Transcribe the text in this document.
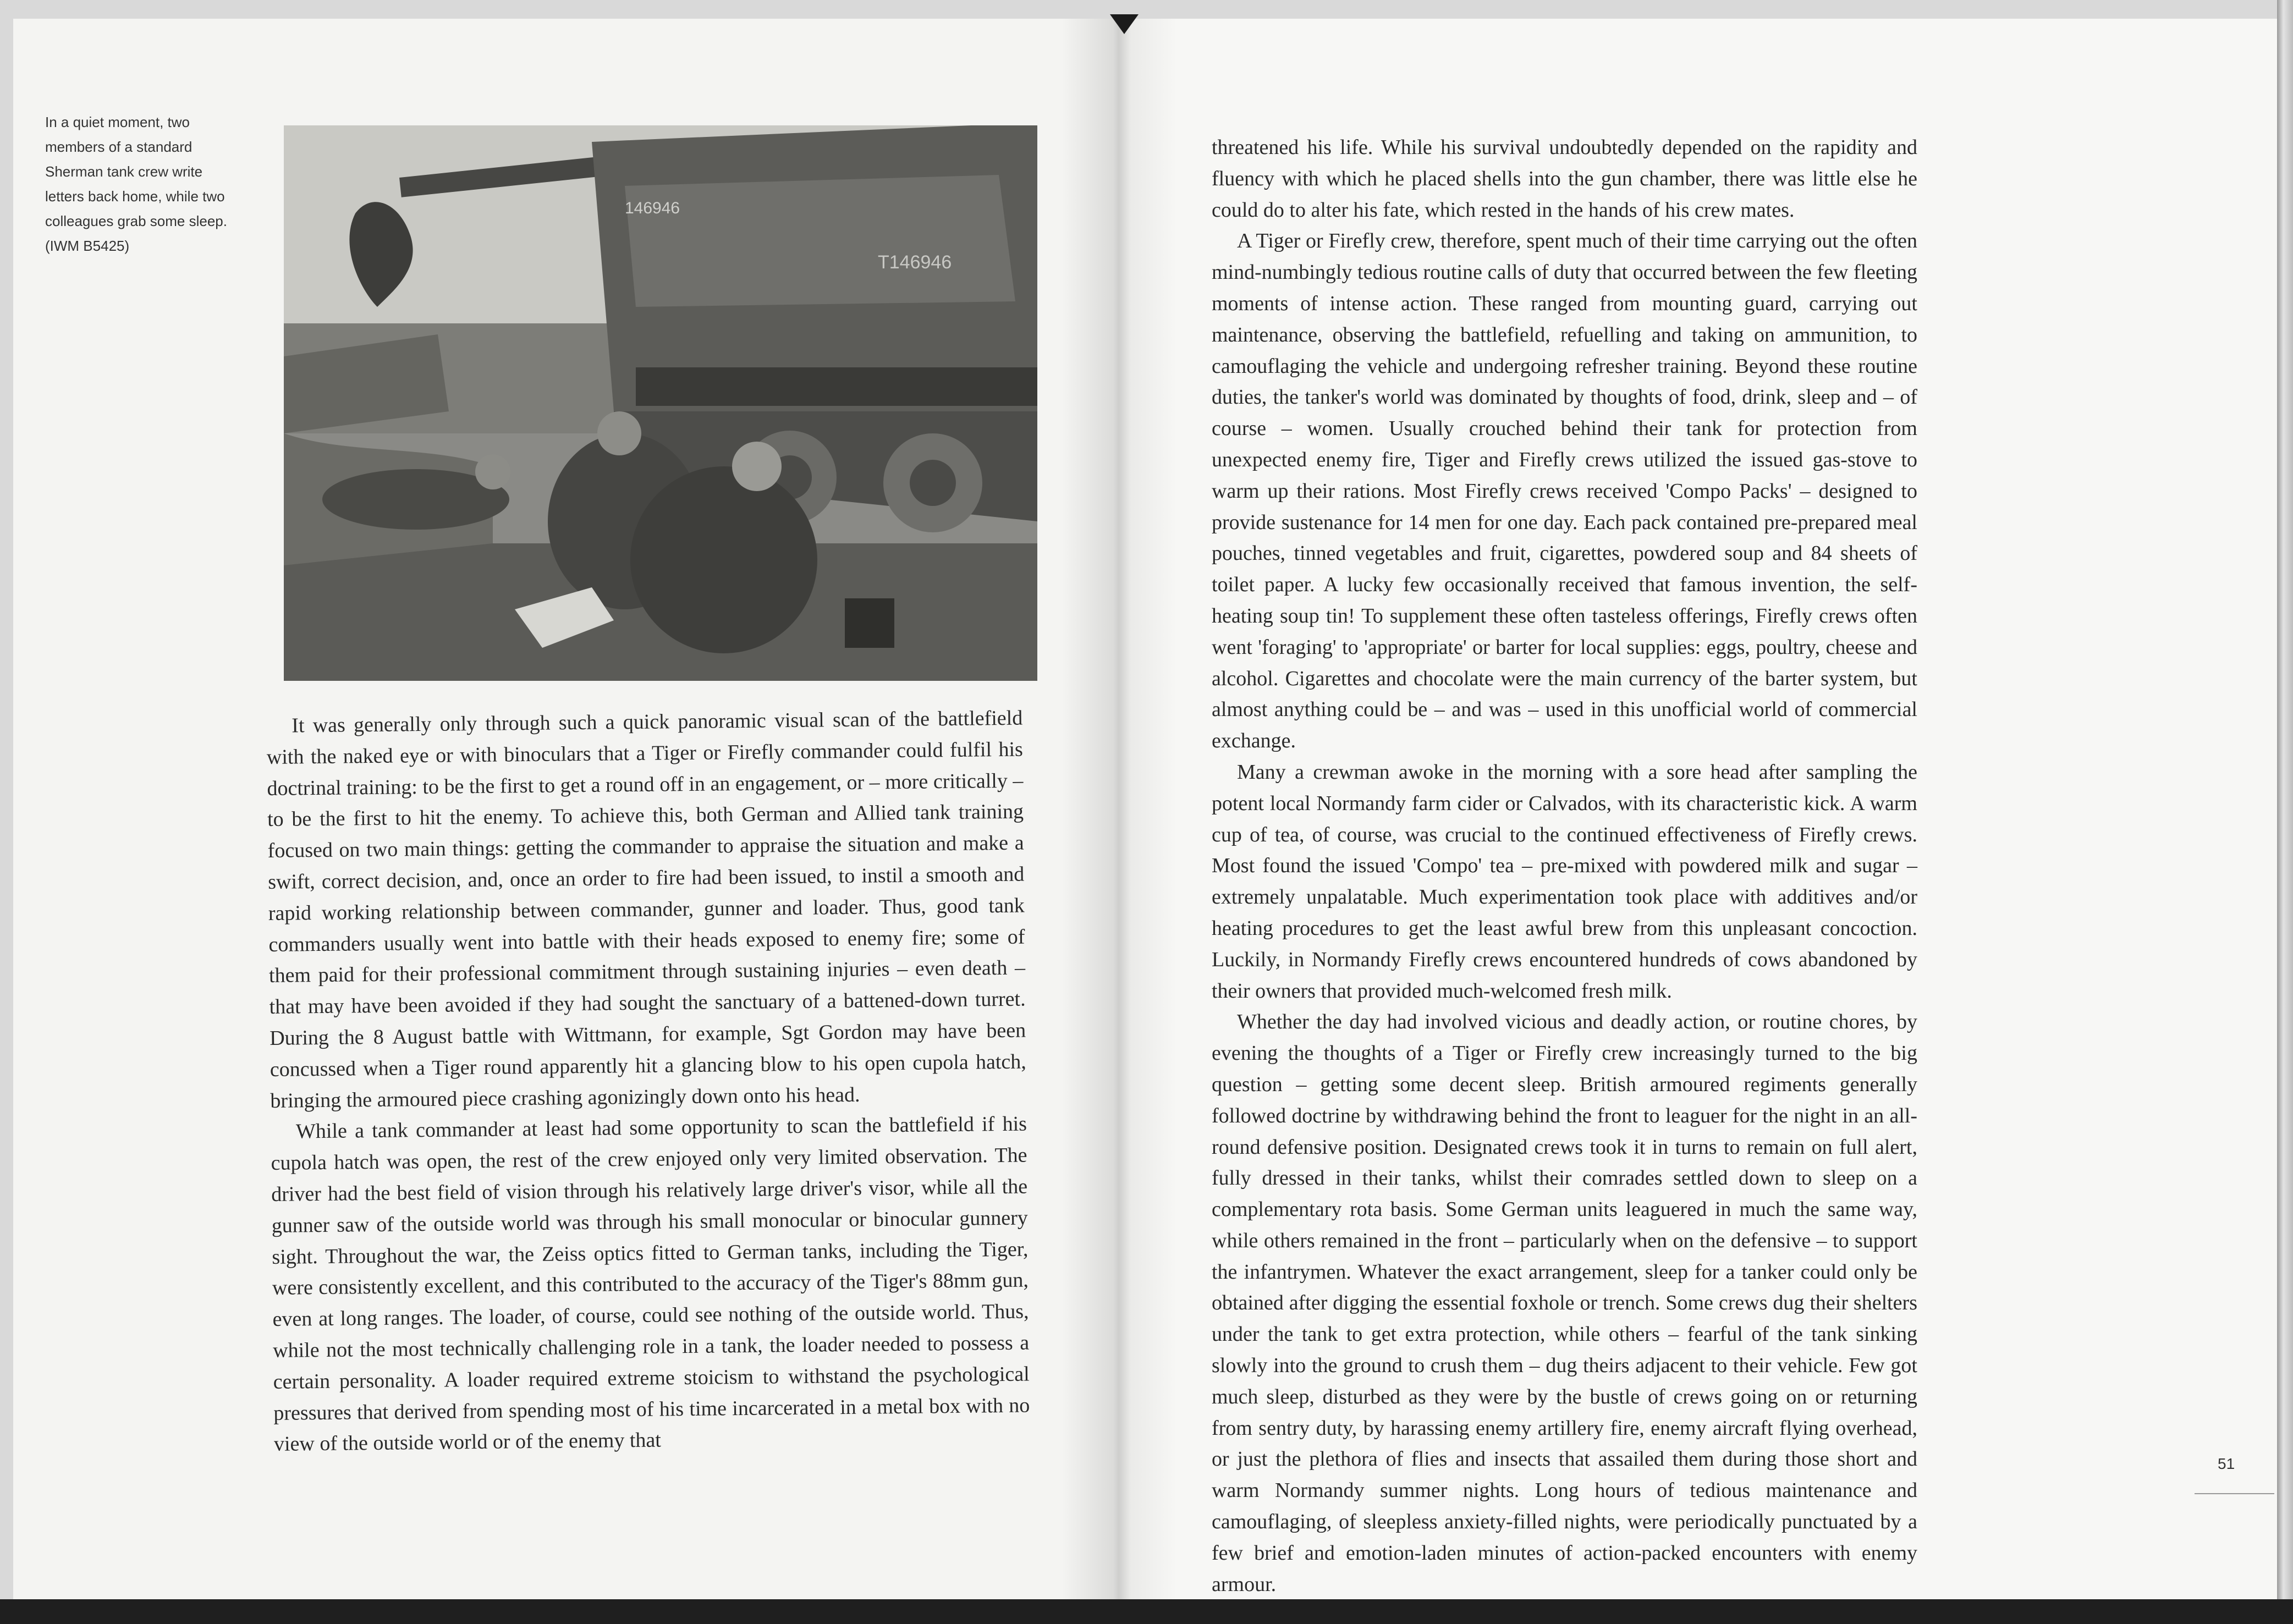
In a quiet moment, two
members of a standard
Sherman tank crew write
letters back home, while two
colleagues grab some sleep.
(IWM B5425)
146946
T146946

It was generally only through such a quick panoramic visual scan of the battlefield with the naked eye or with binoculars that a Tiger or Firefly commander could fulfil his doctrinal training: to be the first to get a round off in an engagement, or – more critically – to be the first to hit the enemy. To achieve this, both German and Allied tank training focused on two main things: getting the commander to appraise the situation and make a swift, correct decision, and, once an order to fire had been issued, to instil a smooth and rapid working relationship between commander, gunner and loader. Thus, good tank commanders usually went into battle with their heads exposed to enemy fire; some of them paid for their professional commitment through sustaining injuries – even death – that may have been avoided if they had sought the sanctuary of a battened-down turret. During the 8 August battle with Wittmann, for example, Sgt Gordon may have been concussed when a Tiger round apparently hit a glancing blow to his open cupola hatch, bringing the armoured piece crashing agonizingly down onto his head.

While a tank commander at least had some opportunity to scan the battlefield if his cupola hatch was open, the rest of the crew enjoyed only very limited observation. The driver had the best field of vision through his relatively large driver's visor, while all the gunner saw of the outside world was through his small monocular or binocular gunnery sight. Throughout the war, the Zeiss optics fitted to German tanks, including the Tiger, were consistently excellent, and this contributed to the accuracy of the Tiger's 88mm gun, even at long ranges. The loader, of course, could see nothing of the outside world. Thus, while not the most technically challenging role in a tank, the loader needed to possess a certain personality. A loader required extreme stoicism to withstand the psychological pressures that derived from spending most of his time incarcerated in a metal box with no view of the outside world or of the enemy that

threatened his life. While his survival undoubtedly depended on the rapidity and fluency with which he placed shells into the gun chamber, there was little else he could do to alter his fate, which rested in the hands of his crew mates.

A Tiger or Firefly crew, therefore, spent much of their time carrying out the often mind-numbingly tedious routine calls of duty that occurred between the few fleeting moments of intense action. These ranged from mounting guard, carrying out maintenance, observing the battlefield, refuelling and taking on ammunition, to camouflaging the vehicle and undergoing refresher training. Beyond these routine duties, the tanker's world was dominated by thoughts of food, drink, sleep and – of course – women. Usually crouched behind their tank for protection from unexpected enemy fire, Tiger and Firefly crews utilized the issued gas-stove to warm up their rations. Most Firefly crews received 'Compo Packs' – designed to provide sustenance for 14 men for one day. Each pack contained pre-prepared meal pouches, tinned vegetables and fruit, cigarettes, powdered soup and 84 sheets of toilet paper. A lucky few occasionally received that famous invention, the self-heating soup tin! To supplement these often tasteless offerings, Firefly crews often went 'foraging' to 'appropriate' or barter for local supplies: eggs, poultry, cheese and alcohol. Cigarettes and chocolate were the main currency of the barter system, but almost anything could be – and was – used in this unofficial world of commercial exchange.

Many a crewman awoke in the morning with a sore head after sampling the potent local Normandy farm cider or Calvados, with its characteristic kick. A warm cup of tea, of course, was crucial to the continued effectiveness of Firefly crews. Most found the issued 'Compo' tea – pre-mixed with powdered milk and sugar – extremely unpalatable. Much experimentation took place with additives and/or heating procedures to get the least awful brew from this unpleasant concoction. Luckily, in Normandy Firefly crews encountered hundreds of cows abandoned by their owners that provided much-welcomed fresh milk.

Whether the day had involved vicious and deadly action, or routine chores, by evening the thoughts of a Tiger or Firefly crew increasingly turned to the big question – getting some decent sleep. British armoured regiments generally followed doctrine by withdrawing behind the front to leaguer for the night in an all-round defensive position. Designated crews took it in turns to remain on full alert, fully dressed in their tanks, whilst their comrades settled down to sleep on a complementary rota basis. Some German units leaguered in much the same way, while others remained in the front – particularly when on the defensive – to support the infantrymen. Whatever the exact arrangement, sleep for a tanker could only be obtained after digging the essential foxhole or trench. Some crews dug their shelters under the tank to get extra protection, while others – fearful of the tank sinking slowly into the ground to crush them – dug theirs adjacent to their vehicle. Few got much sleep, disturbed as they were by the bustle of crews going on or returning from sentry duty, by harassing enemy artillery fire, enemy aircraft flying overhead, or just the plethora of flies and insects that assailed them during those short and warm Normandy summer nights. Long hours of tedious maintenance and camouflaging, of sleepless anxiety-filled nights, were periodically punctuated by a few brief and emotion-laden minutes of action-packed encounters with enemy armour.

51
